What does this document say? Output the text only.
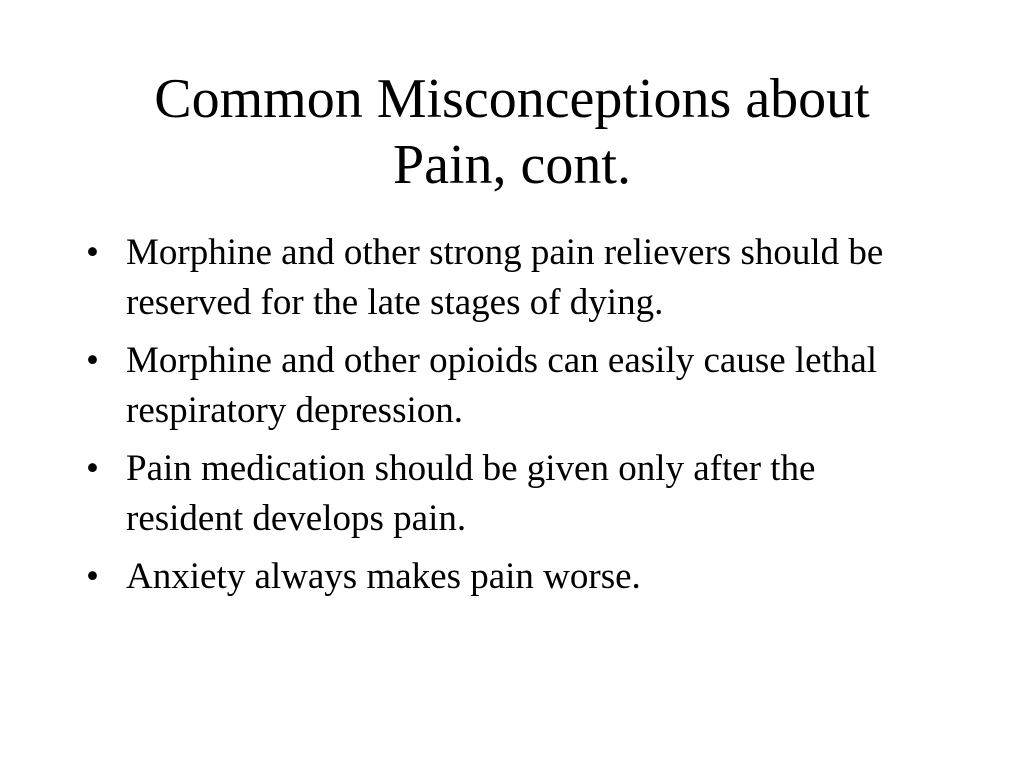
Common Misconceptions about
Pain, cont.
• Morphine and other strong pain relievers should be reserved for the late stages of dying.
• Morphine and other opioids can easily cause lethal respiratory depression.
• Pain medication should be given only after the resident develops pain.
• Anxiety always makes pain worse.
